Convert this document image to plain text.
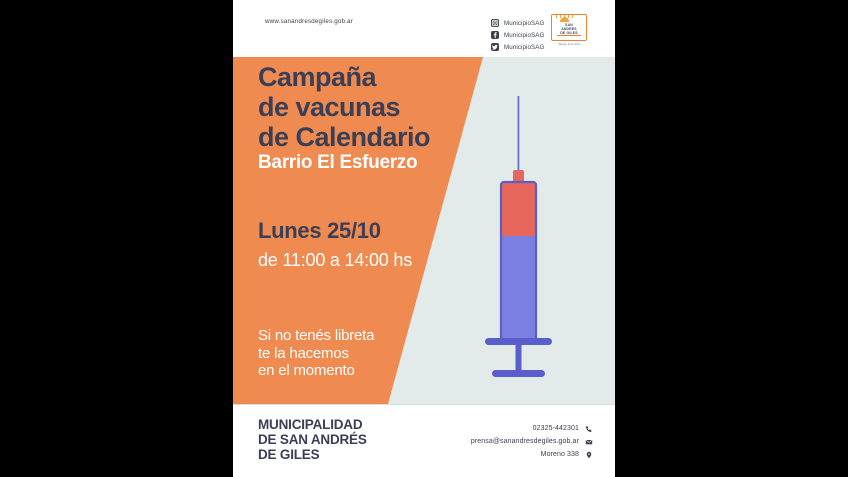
www.sanandresdegiles.gob.ar	MunicipioSAG
MunicipioSAG
MunicipioSAG
SAN
ANDRES
DE GILES
Tengo vivir acá
Campaña
de vacunas
de Calendario
Barrio El Esfuerzo
Lunes 25/10
de 11:00 a 14:00 hs
Si no tenés libreta
te la hacemos
en el momento
MUNICIPALIDAD
DE SAN ANDRÉS
DE GILES
02325-442301
prensa@sanandresdegiles.gob.ar
Moreno 338
